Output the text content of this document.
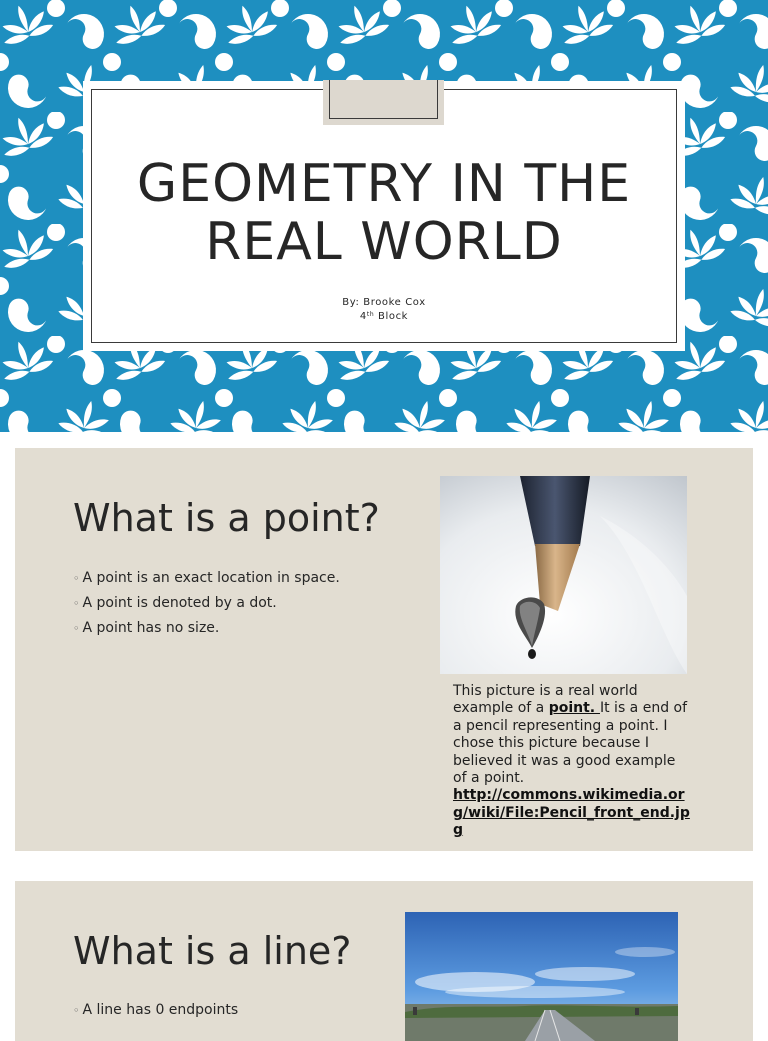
GEOMETRY IN THE
REAL WORLD
By: Brooke Cox
4th Block
What is a point?
◦ A point is an exact location in space.
◦ A point is denoted by a dot.
◦ A point has no size.
This picture is a real world example of a point. It is a end of a pencil representing a point. I chose this picture because I believed it was a good example of a point.
http://commons.wikimedia.org/wiki/File:Pencil_front_end.jpg
What is a line?
◦ A line has 0 endpoints
